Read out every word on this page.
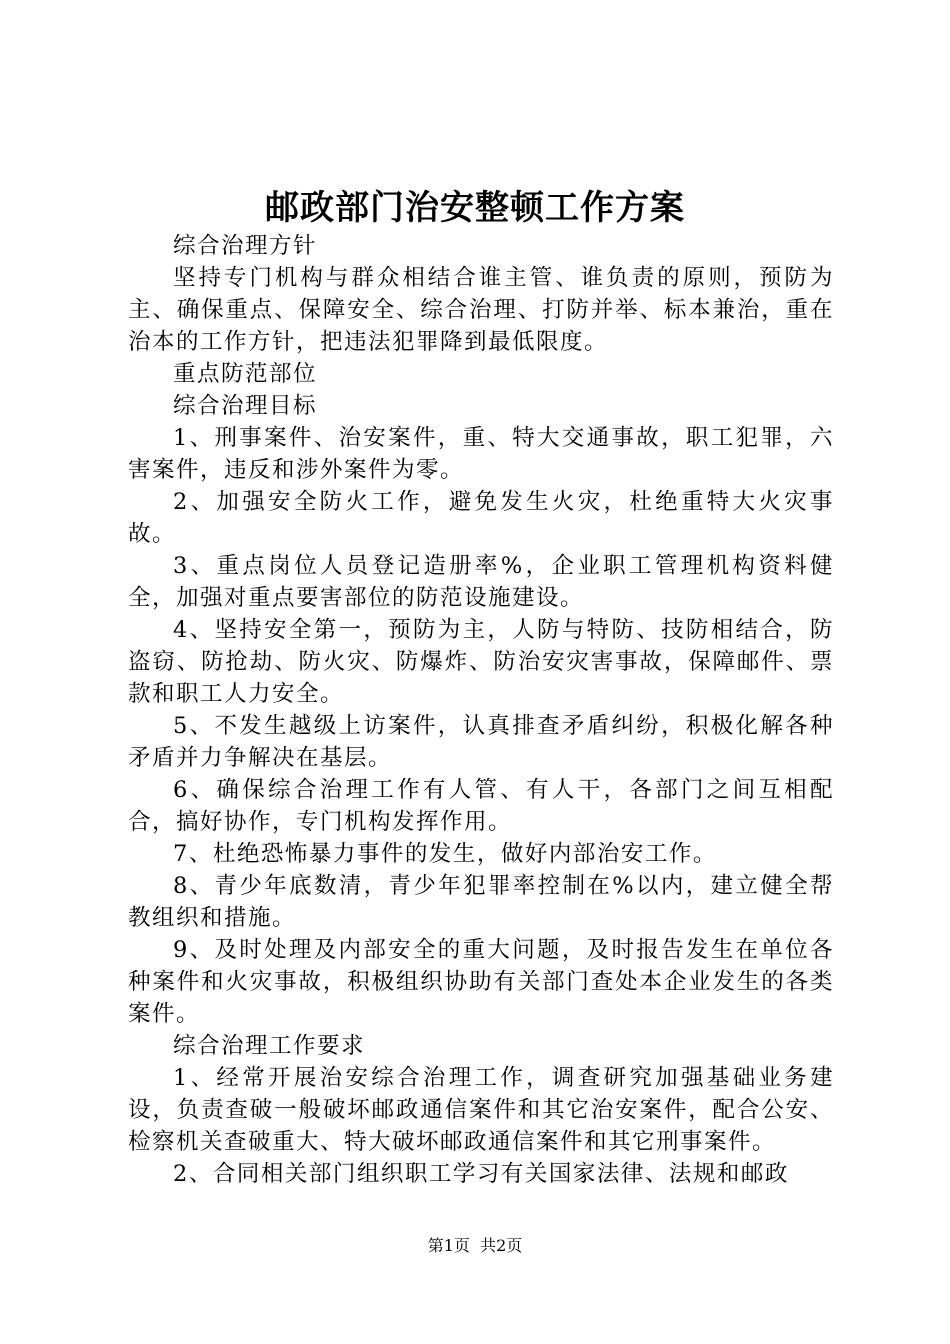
邮政部门治安整顿工作方案

综合治理方针

坚持专门机构与群众相结合谁主管、谁负责的原则，预防为主、确保重点、保障安全、综合治理、打防并举、标本兼治，重在治本的工作方针，把违法犯罪降到最低限度。

重点防范部位

综合治理目标

1、刑事案件、治安案件，重、特大交通事故，职工犯罪，六害案件，违反和涉外案件为零。

2、加强安全防火工作，避免发生火灾，杜绝重特大火灾事故。

3、重点岗位人员登记造册率%，企业职工管理机构资料健全，加强对重点要害部位的防范设施建设。

4、坚持安全第一，预防为主，人防与特防、技防相结合，防盗窃、防抢劫、防火灾、防爆炸、防治安灾害事故，保障邮件、票款和职工人力安全。

5、不发生越级上访案件，认真排查矛盾纠纷，积极化解各种矛盾并力争解决在基层。

6、确保综合治理工作有人管、有人干，各部门之间互相配合，搞好协作，专门机构发挥作用。

7、杜绝恐怖暴力事件的发生，做好内部治安工作。

8、青少年底数清，青少年犯罪率控制在%以内，建立健全帮教组织和措施。

9、及时处理及内部安全的重大问题，及时报告发生在单位各种案件和火灾事故，积极组织协助有关部门查处本企业发生的各类案件。

综合治理工作要求

1、经常开展治安综合治理工作，调查研究加强基础业务建设，负责查破一般破坏邮政通信案件和其它治安案件，配合公安、检察机关查破重大、特大破坏邮政通信案件和其它刑事案件。

2、合同相关部门组织职工学习有关国家法律、法规和邮政

第1页  共2页
